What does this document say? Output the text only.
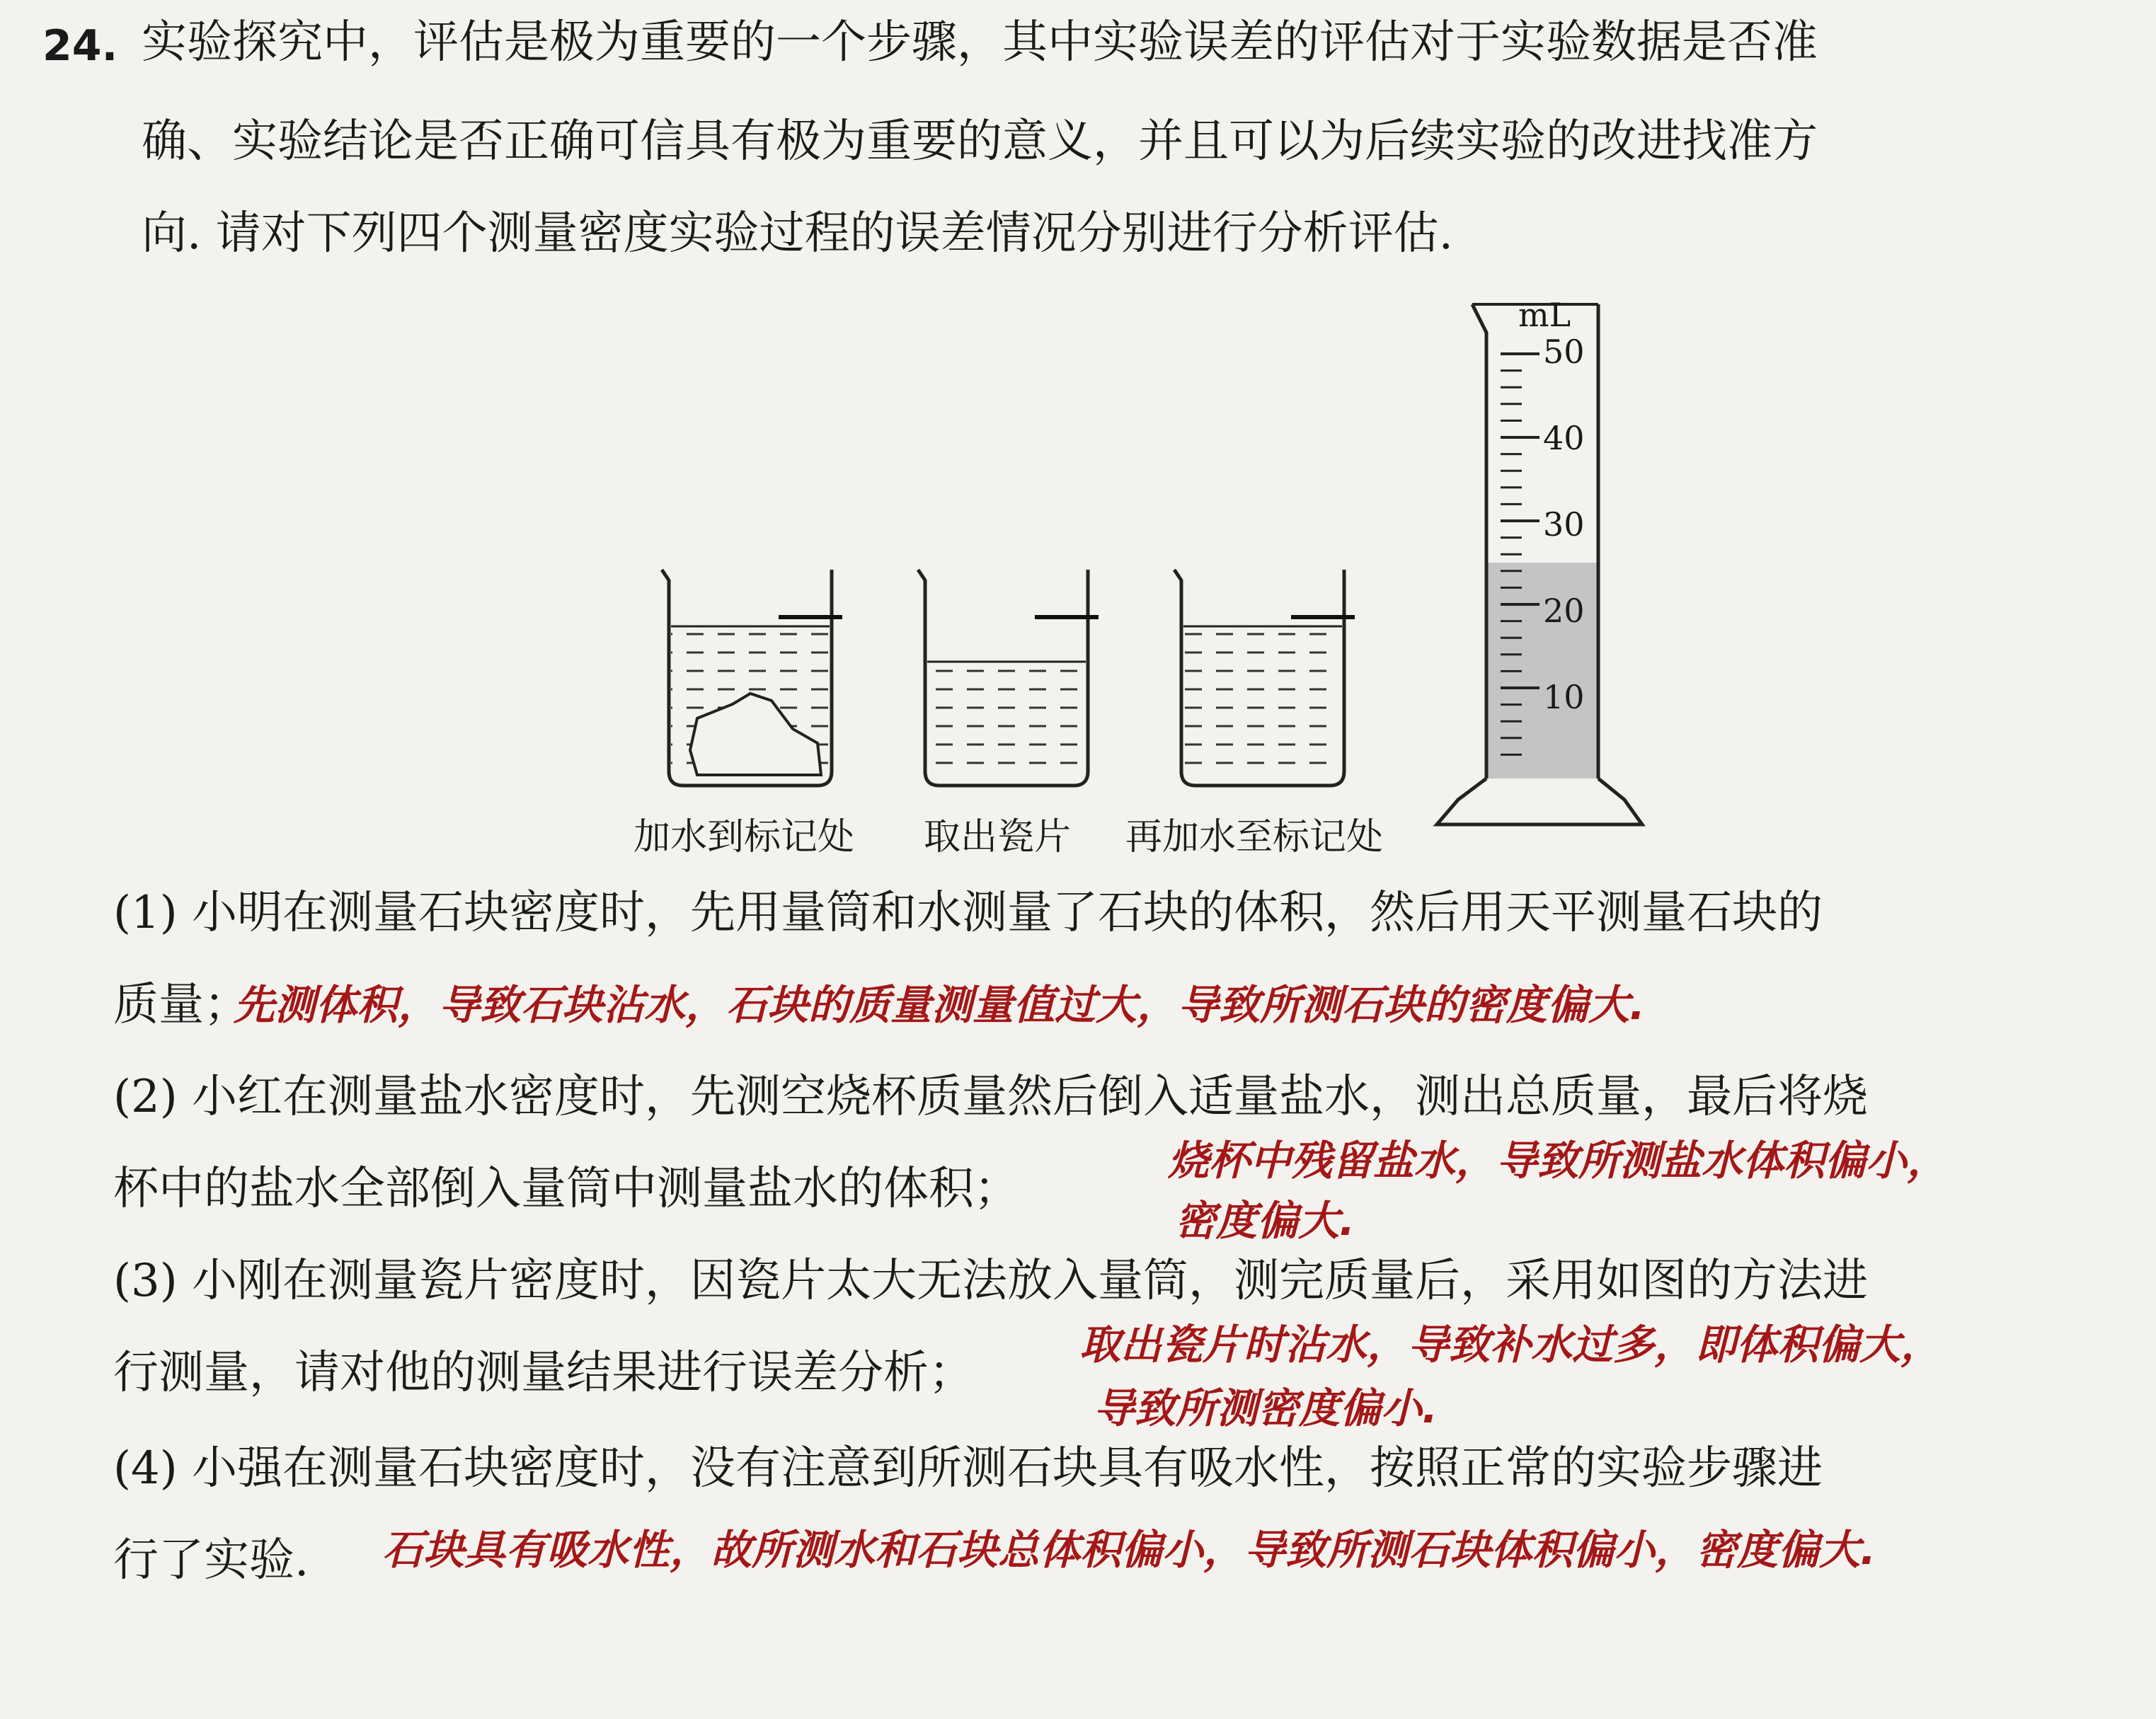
24. 实验探究中，评估是极为重要的一个步骤，其中实验误差的评估对于实验数据是否准
确、实验结论是否正确可信具有极为重要的意义，并且可以为后续实验的改进找准方
向. 请对下列四个测量密度实验过程的误差情况分别进行分析评估.
加水到标记处 取出瓷片 再加水至标记处
mL
50
40
30
20
10
(1) 小明在测量石块密度时，先用量筒和水测量了石块的体积，然后用天平测量石块的
质量；
先测体积，导致石块沾水，石块的质量测量值过大，导致所测石块的密度偏大.
(2) 小红在测量盐水密度时，先测空烧杯质量然后倒入适量盐水，测出总质量，最后将烧
杯中的盐水全部倒入量筒中测量盐水的体积；
烧杯中残留盐水，导致所测盐水体积偏小，
密度偏大.
(3) 小刚在测量瓷片密度时，因瓷片太大无法放入量筒，测完质量后，采用如图的方法进
行测量，请对他的测量结果进行误差分析；
取出瓷片时沾水，导致补水过多，即体积偏大，
导致所测密度偏小.
(4) 小强在测量石块密度时，没有注意到所测石块具有吸水性，按照正常的实验步骤进
行了实验. 石块具有吸水性，故所测水和石块总体积偏小，导致所测石块体积偏小，密度偏大.
